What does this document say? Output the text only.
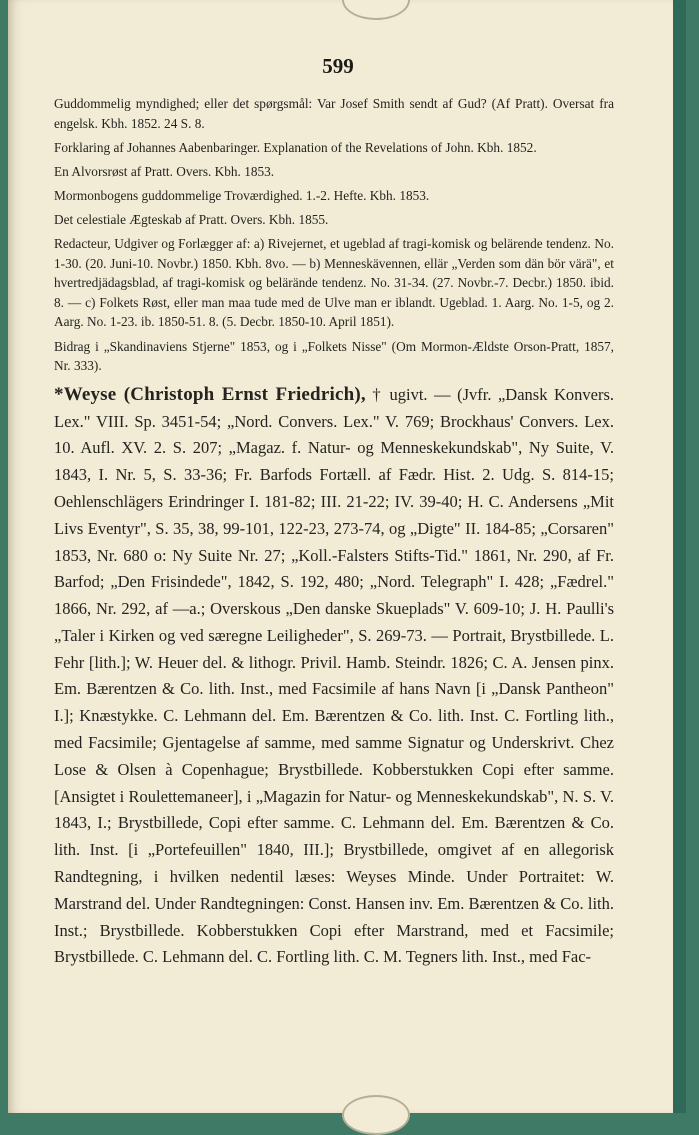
599

Guddommelig myndighed; eller det spørgsmål: Var Josef Smith sendt af Gud? (Af Pratt). Oversat fra engelsk. Kbh. 1852. 24 S. 8.

Forklaring af Johannes Aabenbaringer. Explanation of the Revelations of John. Kbh. 1852.

En Alvorsrøst af Pratt. Overs. Kbh. 1853.

Mormonbogens guddommelige Troværdighed. 1.-2. Hefte. Kbh. 1853.

Det celestiale Ægteskab af Pratt. Overs. Kbh. 1855.

Redacteur, Udgiver og Forlægger af: a) Rivejernet, et ugeblad af tragi-komisk og belärende tendenz. No. 1-30. (20. Juni-10. Novbr.) 1850. Kbh. 8vo. — b) Menneskävennen, ellär „Verden som dän bör värä", et hvertredjädagsblad, af tragi-komisk og belärände tendenz. No. 31-34. (27. Novbr.-7. Decbr.) 1850. ibid. 8. — c) Folkets Røst, eller man maa tude med de Ulve man er iblandt. Ugeblad. 1. Aarg. No. 1-5, og 2. Aarg. No. 1-23. ib. 1850-51. 8. (5. Decbr. 1850-10. April 1851).

Bidrag i „Skandinaviens Stjerne" 1853, og i „Folkets Nisse" (Om Mormon-Ældste Orson-Pratt, 1857, Nr. 333).

*Weyse (Christoph Ernst Friedrich), † ugivt. — (Jvfr. „Dansk Konvers. Lex." VIII. Sp. 3451-54; „Nord. Convers. Lex." V. 769; Brockhaus' Convers. Lex. 10. Aufl. XV. 2. S. 207; „Magaz. f. Natur- og Menneskekundskab", Ny Suite, V. 1843, I. Nr. 5, S. 33-36; Fr. Barfods Fortæll. af Fædr. Hist. 2. Udg. S. 814-15; Oehlenschlägers Erindringer I. 181-82; III. 21-22; IV. 39-40; H. C. Andersens „Mit Livs Eventyr", S. 35, 38, 99-101, 122-23, 273-74, og „Digte" II. 184-85; „Corsaren" 1853, Nr. 680 o: Ny Suite Nr. 27; „Koll.-Falsters Stifts-Tid." 1861, Nr. 290, af Fr. Barfod; „Den Frisindede", 1842, S. 192, 480; „Nord. Telegraph" I. 428; „Fædrel." 1866, Nr. 292, af —a.; Overskous „Den danske Skueplads" V. 609-10; J. H. Paulli's „Taler i Kirken og ved særegne Leiligheder", S. 269-73. — Portrait, Brystbillede. L. Fehr [lith.]; W. Heuer del. & lithogr. Privil. Hamb. Steindr. 1826; C. A. Jensen pinx. Em. Bærentzen & Co. lith. Inst., med Facsimile af hans Navn [i „Dansk Pantheon" I.]; Knæstykke. C. Lehmann del. Em. Bærentzen & Co. lith. Inst. C. Fortling lith., med Facsimile; Gjentagelse af samme, med samme Signatur og Underskrivt. Chez Lose & Olsen à Copenhague; Brystbillede. Kobberstukken Copi efter samme. [Ansigtet i Roulettemaneer], i „Magazin for Natur- og Menneskekundskab", N. S. V. 1843, I.; Brystbillede, Copi efter samme. C. Lehmann del. Em. Bærentzen & Co. lith. Inst. [i „Portefeuillen" 1840, III.]; Brystbillede, omgivet af en allegorisk Randtegning, i hvilken nedentil læses: Weyses Minde. Under Portraitet: W. Marstrand del. Under Randtegningen: Const. Hansen inv. Em. Bærentzen & Co. lith. Inst.; Brystbillede. Kobberstukken Copi efter Marstrand, med et Facsimile; Brystbillede. C. Lehmann del. C. Fortling lith. C. M. Tegners lith. Inst., med Fac-
